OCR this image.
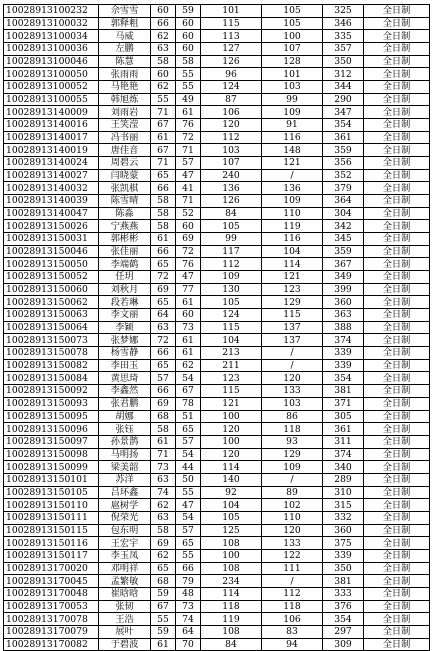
10028913100232	佘雪雪	60	59	101	105	325	全日制
10028913100032	郭释粗	66	60	115	105	346	全日制
10028913100034	马威	62	60	113	100	335	全日制
10028913100036	左鹏	63	60	127	107	357	全日制
10028913100046	陈慧	58	58	126	128	350	全日制
10028913100050	张雨雨	60	55	96	101	312	全日制
10028913100052	马艳艳	62	55	124	103	344	全日制
10028913100055	韩旭炼	55	49	87	99	290	全日制
10028913140009	刘雨岩	71	61	106	109	347	全日制
10028913140016	王笑滢	67	76	120	91	354	全日制
10028913140017	冯书丽	61	72	112	116	361	全日制
10028913140019	唐佳音	67	71	103	148	359	全日制
10028913140024	周碧云	71	57	107	121	356	全日制
10028913140027	闫晓蒙	65	47	240	/	352	全日制
10028913140032	张凯棋	66	41	136	136	379	全日制
10028913140039	陈雪晴	58	71	126	109	364	全日制
10028913140047	陈淼	58	52	84	110	304	全日制
10028913150026	宁燕燕	58	60	105	119	342	全日制
10028913150031	郭彬彬	61	69	99	116	345	全日制
10028913150046	张佳丽	66	72	117	104	359	全日制
10028913150050	李端鹤	65	76	112	114	367	全日制
10028913150052	任玥	72	47	109	121	349	全日制
10028913150060	刘秋月	69	77	130	123	399	全日制
10028913150062	段若琳	65	61	105	129	360	全日制
10028913150063	李文丽	64	60	124	115	363	全日制
10028913150064	李颖	63	73	115	137	388	全日制
10028913150073	张梦娜	72	61	104	137	374	全日制
10028913150078	杨雪静	66	61	213	/	339	全日制
10028913150082	李田玉	65	62	211	/	339	全日制
10028913150084	黄思琦	57	54	123	120	354	全日制
10028913150092	李鑫然	66	67	115	133	381	全日制
10028913150093	张君鹏	69	78	121	103	371	全日制
10028913150095	胡娜	68	51	100	86	305	全日制
10028913150096	张钰	58	65	120	118	361	全日制
10028913150097	孙景鹊	61	57	100	93	311	全日制
10028913150098	马明扬	71	54	120	129	374	全日制
10028913150099	梁美韶	73	44	114	109	340	全日制
10028913150101	苏洋	63	50	140	/	289	全日制
10028913150105	吕环鑫	74	55	92	89	310	全日制
10028913150110	扈树学	62	47	104	102	315	全日制
10028913150111	倪荣光	63	54	105	110	332	全日制
10028913150115	包东明	58	57	125	120	360	全日制
10028913150116	王宏宇	69	65	108	133	375	全日制
10028913150117	李玉凤	62	55	100	122	339	全日制
10028913170020	邓明祥	65	66	108	111	350	全日制
10028913170045	孟繁敏	68	79	234	/	381	全日制
10028913170048	崔晗晗	59	48	114	112	333	全日制
10028913170053	张韧	67	73	118	118	376	全日制
10028913170078	王浩	55	74	119	106	354	全日制
10028913170079	展叶	59	64	108	83	297	全日制
10028913170082	于碧波	61	70	84	94	309	全日制
